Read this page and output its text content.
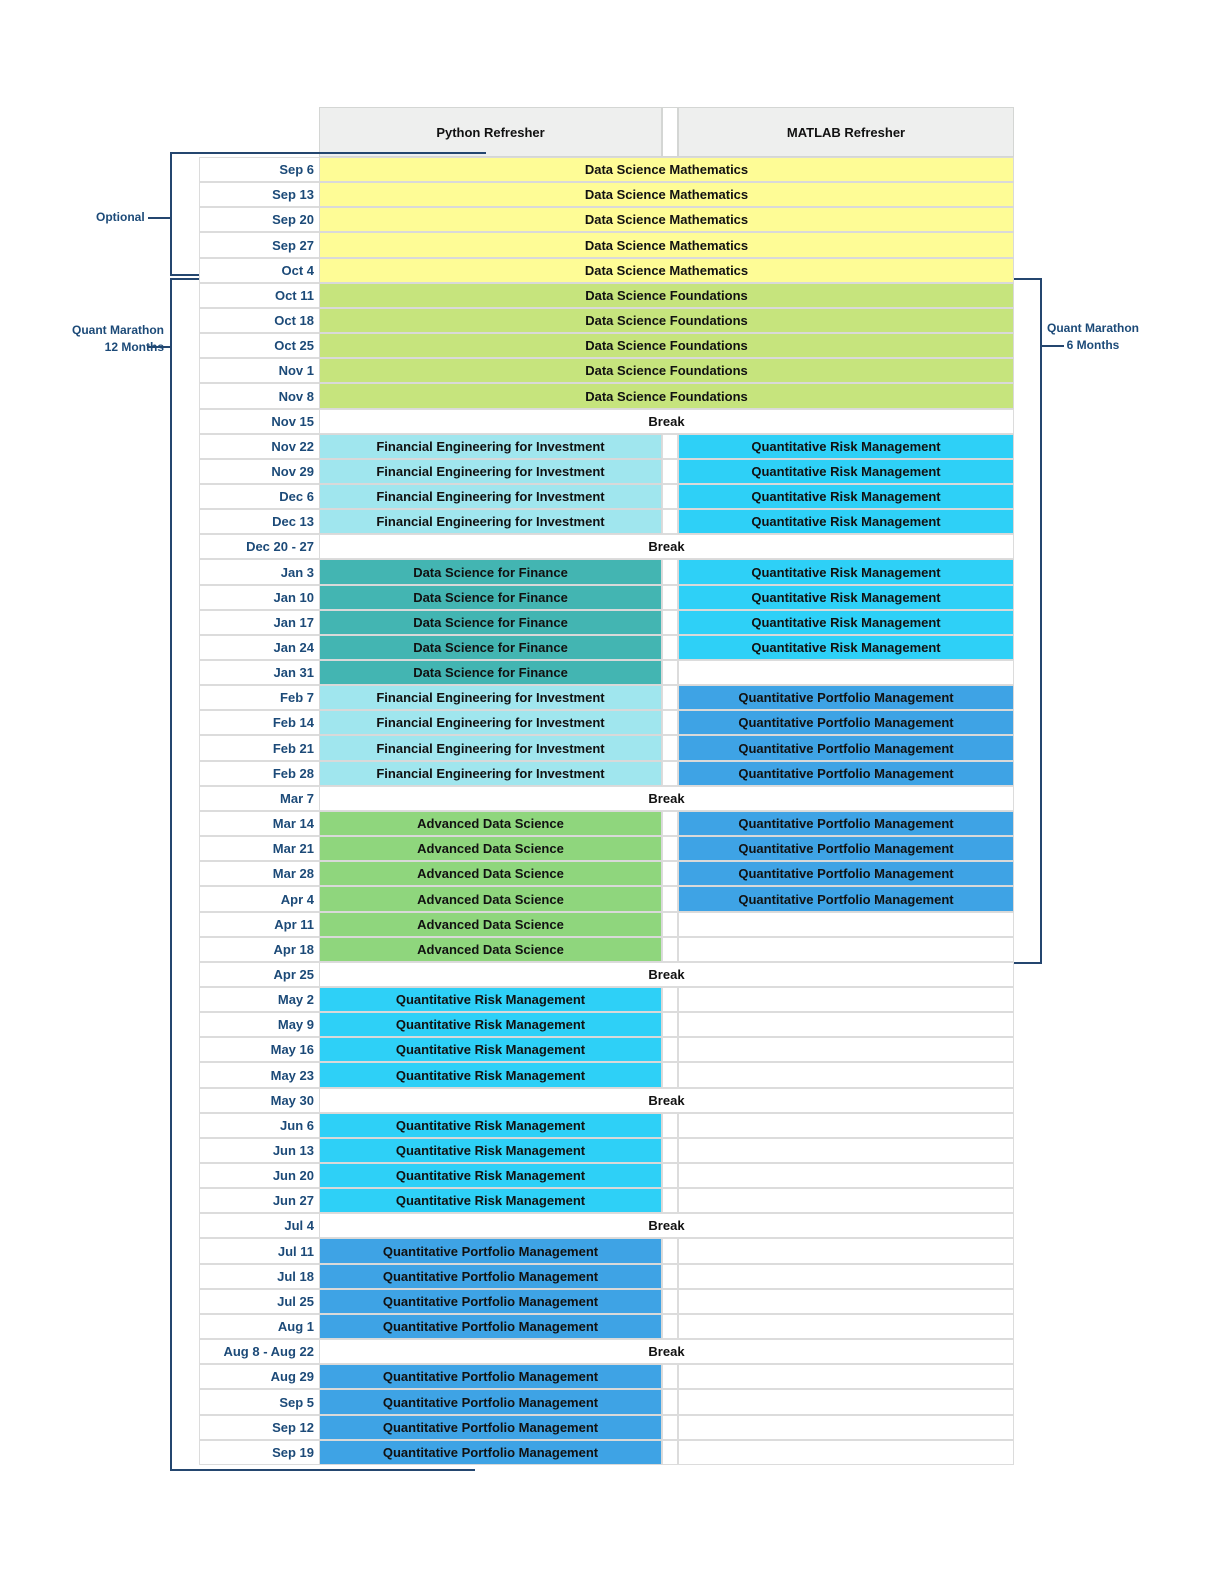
Python Refresher	MATLAB Refresher
Optional
Quant Marathon
12 Months
Quant Marathon
6 Months
Sep 6	Data Science Mathematics
Sep 13	Data Science Mathematics
Sep 20	Data Science Mathematics
Sep 27	Data Science Mathematics
Oct 4	Data Science Mathematics
Oct 11	Data Science Foundations
Oct 18	Data Science Foundations
Oct 25	Data Science Foundations
Nov 1	Data Science Foundations
Nov 8	Data Science Foundations
Nov 15	Break
Nov 22	Financial Engineering for Investment	Quantitative Risk Management
Nov 29	Financial Engineering for Investment	Quantitative Risk Management
Dec 6	Financial Engineering for Investment	Quantitative Risk Management
Dec 13	Financial Engineering for Investment	Quantitative Risk Management
Dec 20 - 27	Break
Jan 3	Data Science for Finance	Quantitative Risk Management
Jan 10	Data Science for Finance	Quantitative Risk Management
Jan 17	Data Science for Finance	Quantitative Risk Management
Jan 24	Data Science for Finance	Quantitative Risk Management
Jan 31	Data Science for Finance
Feb 7	Financial Engineering for Investment	Quantitative Portfolio Management
Feb 14	Financial Engineering for Investment	Quantitative Portfolio Management
Feb 21	Financial Engineering for Investment	Quantitative Portfolio Management
Feb 28	Financial Engineering for Investment	Quantitative Portfolio Management
Mar 7	Break
Mar 14	Advanced Data Science	Quantitative Portfolio Management
Mar 21	Advanced Data Science	Quantitative Portfolio Management
Mar 28	Advanced Data Science	Quantitative Portfolio Management
Apr 4	Advanced Data Science	Quantitative Portfolio Management
Apr 11	Advanced Data Science
Apr 18	Advanced Data Science
Apr 25	Break
May 2	Quantitative Risk Management
May 9	Quantitative Risk Management
May 16	Quantitative Risk Management
May 23	Quantitative Risk Management
May 30	Break
Jun 6	Quantitative Risk Management
Jun 13	Quantitative Risk Management
Jun 20	Quantitative Risk Management
Jun 27	Quantitative Risk Management
Jul 4	Break
Jul 11	Quantitative Portfolio Management
Jul 18	Quantitative Portfolio Management
Jul 25	Quantitative Portfolio Management
Aug 1	Quantitative Portfolio Management
Aug 8 - Aug 22	Break
Aug 29	Quantitative Portfolio Management
Sep 5	Quantitative Portfolio Management
Sep 12	Quantitative Portfolio Management
Sep 19	Quantitative Portfolio Management
